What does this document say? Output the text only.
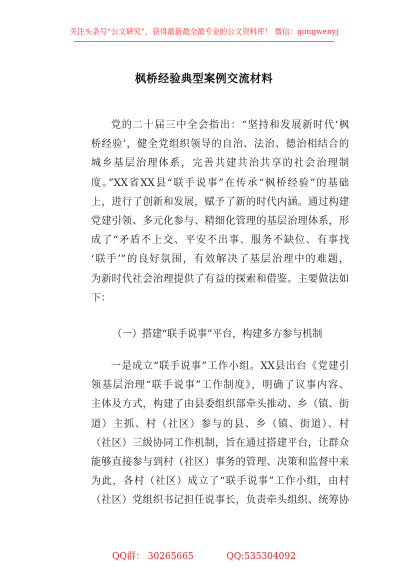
关注头条号“公文研究”，获得最新最全最专业的公文资料库！ 微信：gongwenyj
枫桥经验典型案例交流材料
党的二十届三中全会指出：“坚持和发展新时代‘枫
桥经验’，健全党组织领导的自治、法治、德治相结合的
城乡基层治理体系，完善共建共治共享的社会治理制
度。”XX省XX县“联手说事”在传承“枫桥经验”的基础
上，进行了创新和发展，赋予了新的时代内涵。通过构建
党建引领、多元化参与、精细化管理的基层治理体系，形
成了“矛盾不上交、平安不出事、服务不缺位、有事找
‘联手’”的良好氛围，有效解决了基层治理中的难题，
为新时代社会治理提供了有益的探索和借鉴。主要做法如
下：
（一）搭建“联手说事”平台，构建多方参与机制
一是成立“联手说事”工作小组。XX县出台《党建引
领基层治理“联手说事”工作制度》，明确了议事内容、
主体及方式，构建了由县委组织部牵头推动、乡（镇、街
道）主抓、村（社区）参与的县、乡（镇、街道）、村
（社区）三级协同工作机制，旨在通过搭建平台，让群众
能够直接参与到村（社区）事务的管理、决策和监督中来
为此，各村（社区）成立了“联手说事”工作小组，由村
（社区）党组织书记担任说事长，负责牵头组织、统筹协
QQ群： 30265665	QQ:535304092
